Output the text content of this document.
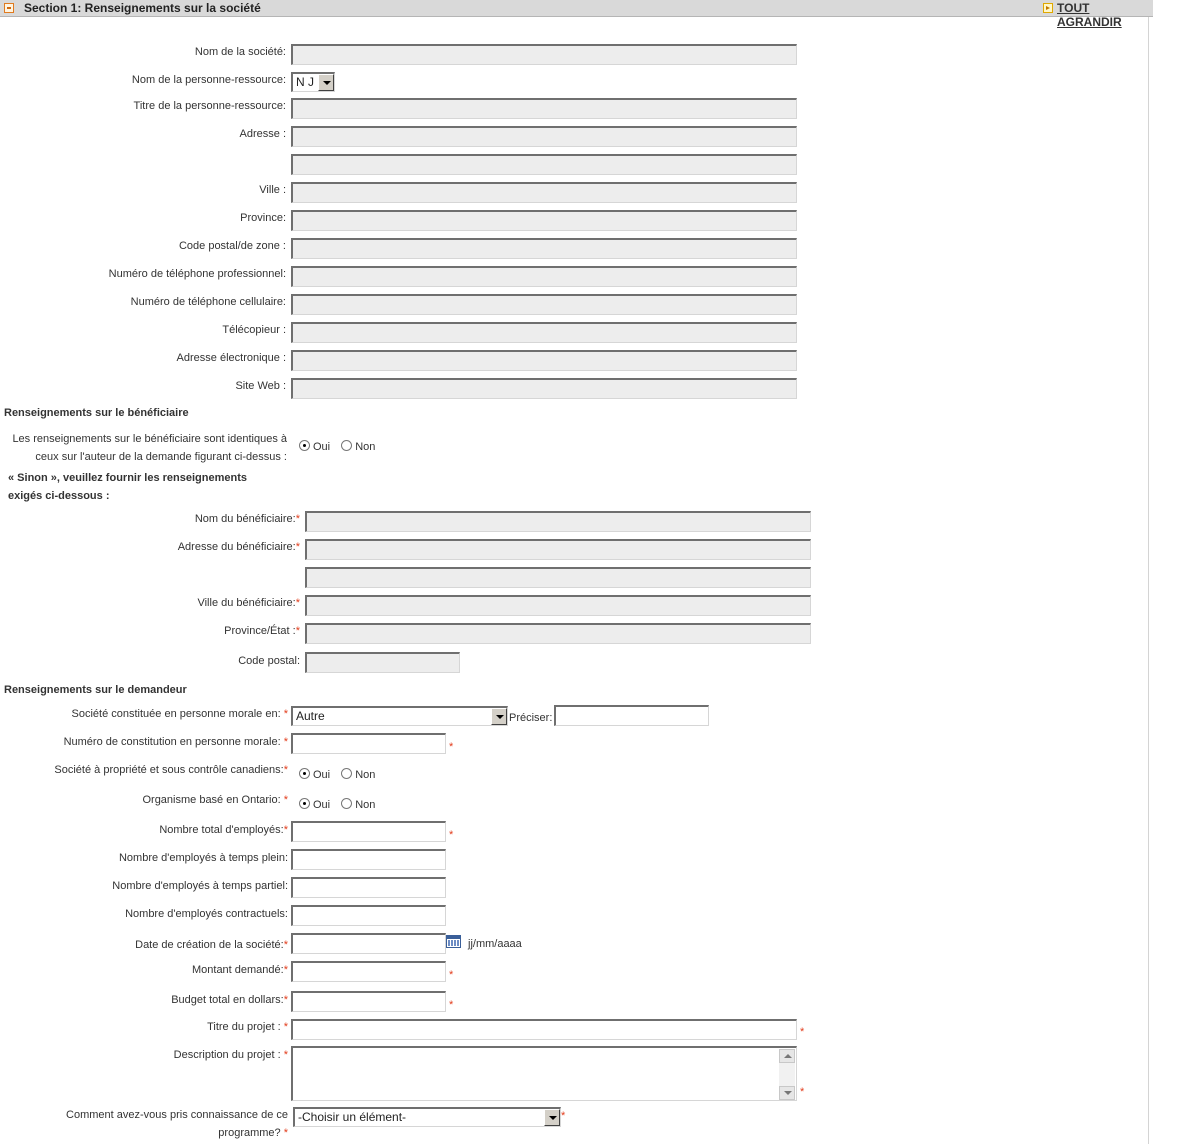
Section 1: Renseignements sur la société	TOUT AGRANDIR
Nom de la société:
Nom de la personne-ressource: N J
Titre de la personne-ressource:
Adresse :
Ville :
Province:
Code postal/de zone :
Numéro de téléphone professionnel:
Numéro de téléphone cellulaire:
Télécopieur :
Adresse électronique :
Site Web :
Renseignements sur le bénéficiaire
Les renseignements sur le bénéficiaire sont identiques à ceux sur l'auteur de la demande figurant ci-dessus :
Oui Non
« Sinon », veuillez fournir les renseignements
exigés ci-dessous :
Nom du bénéficiaire:*
Adresse du bénéficiaire:*
Ville du bénéficiaire:*
Province/État :*
Code postal:
Renseignements sur le demandeur
Société constituée en personne morale en: * Autre	Préciser:
Numéro de constitution en personne morale: *	*
Société à propriété et sous contrôle canadiens:*	Oui Non
Organisme basé en Ontario: *	Oui Non
Nombre total d'employés:*	*
Nombre d'employés à temps plein:
Nombre d'employés à temps partiel:
Nombre d'employés contractuels:
Date de création de la société:*	jj/mm/aaaa
Montant demandé:*	*
Budget total en dollars:*	*
Titre du projet : *	*
Description du projet : *
*
Comment avez-vous pris connaissance de ce
programme? *
-Choisir un élément-	*
